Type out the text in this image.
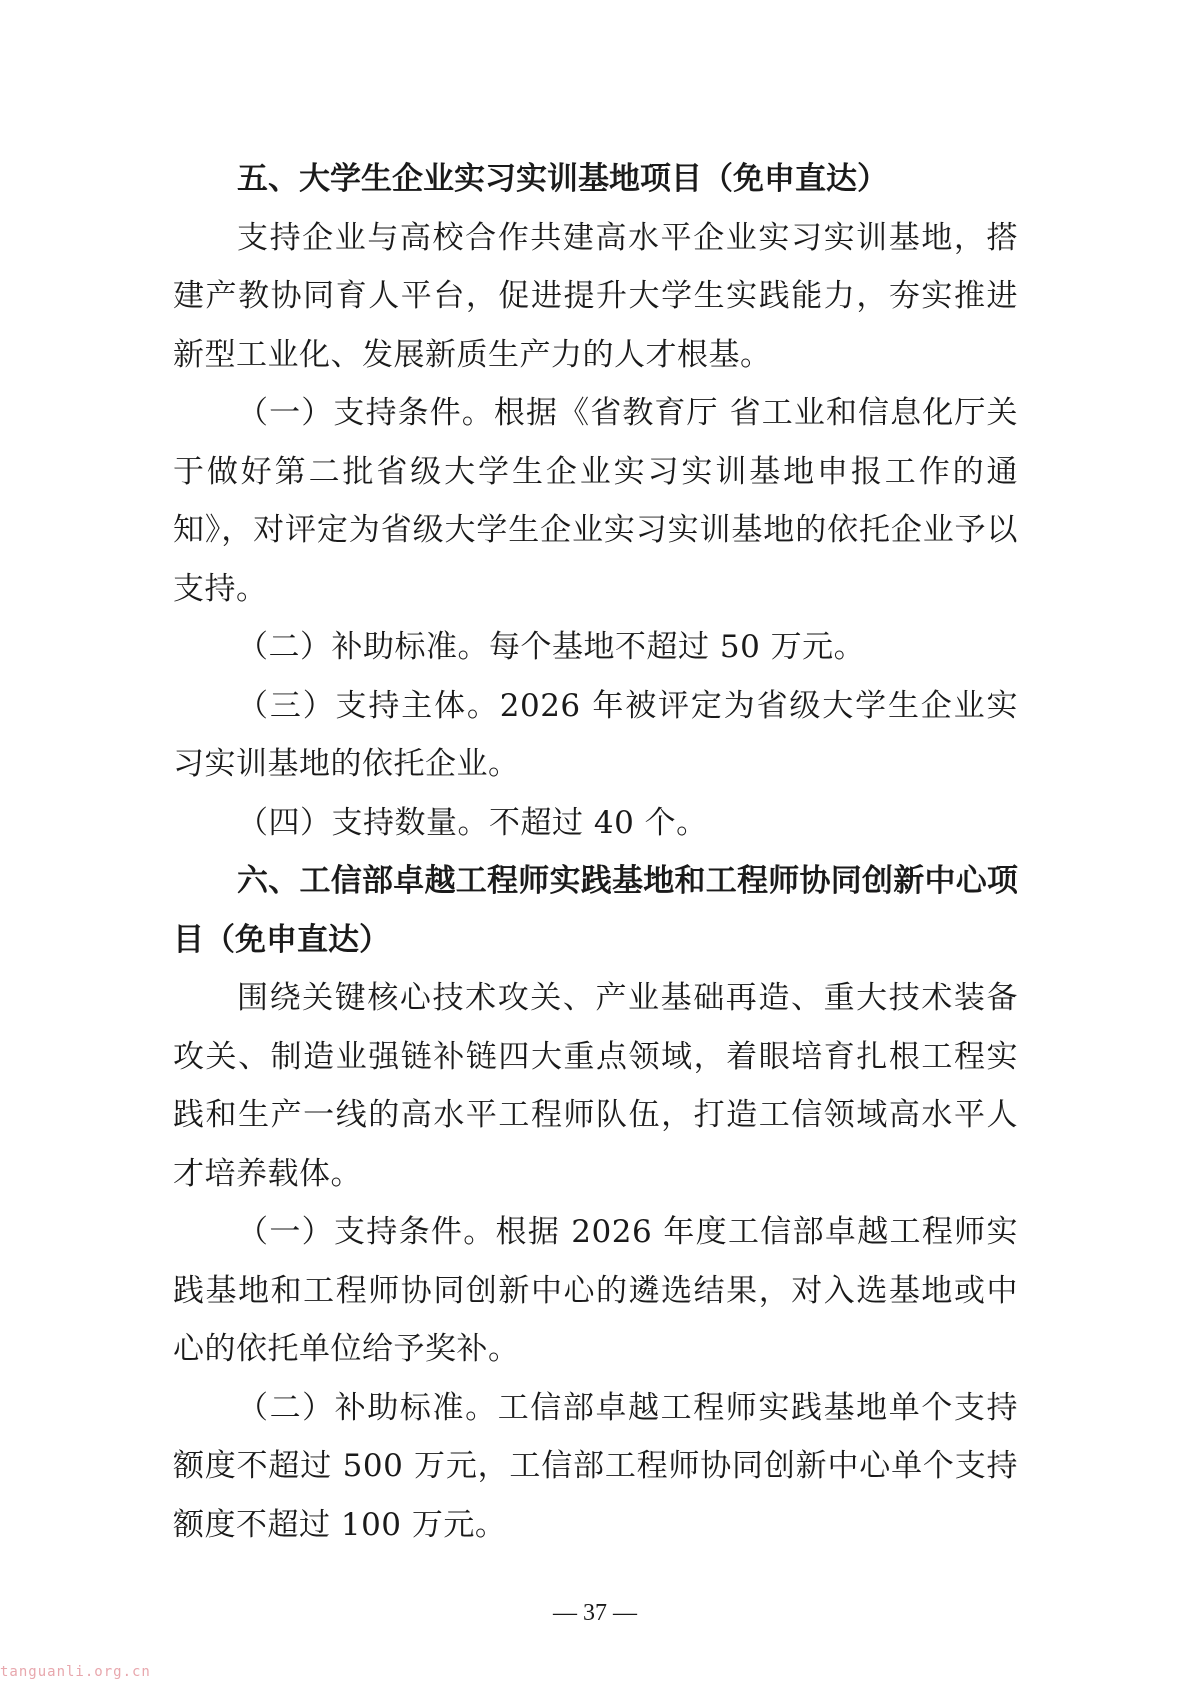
五、大学生企业实习实训基地项目（免申直达）

支持企业与高校合作共建高水平企业实习实训基地，搭建产教协同育人平台，促进提升大学生实践能力，夯实推进新型工业化、发展新质生产力的人才根基。

（一）支持条件。根据《省教育厅 省工业和信息化厅关于做好第二批省级大学生企业实习实训基地申报工作的通知》，对评定为省级大学生企业实习实训基地的依托企业予以支持。

（二）补助标准。每个基地不超过 50 万元。

（三）支持主体。2026 年被评定为省级大学生企业实习实训基地的依托企业。

（四）支持数量。不超过 40 个。

六、工信部卓越工程师实践基地和工程师协同创新中心项目（免申直达）

围绕关键核心技术攻关、产业基础再造、重大技术装备攻关、制造业强链补链四大重点领域，着眼培育扎根工程实践和生产一线的高水平工程师队伍，打造工信领域高水平人才培养载体。

（一）支持条件。根据 2026 年度工信部卓越工程师实践基地和工程师协同创新中心的遴选结果，对入选基地或中心的依托单位给予奖补。

（二）补助标准。工信部卓越工程师实践基地单个支持额度不超过 500 万元，工信部工程师协同创新中心单个支持额度不超过 100 万元。

— 37 —
tanguanli.org.cn
